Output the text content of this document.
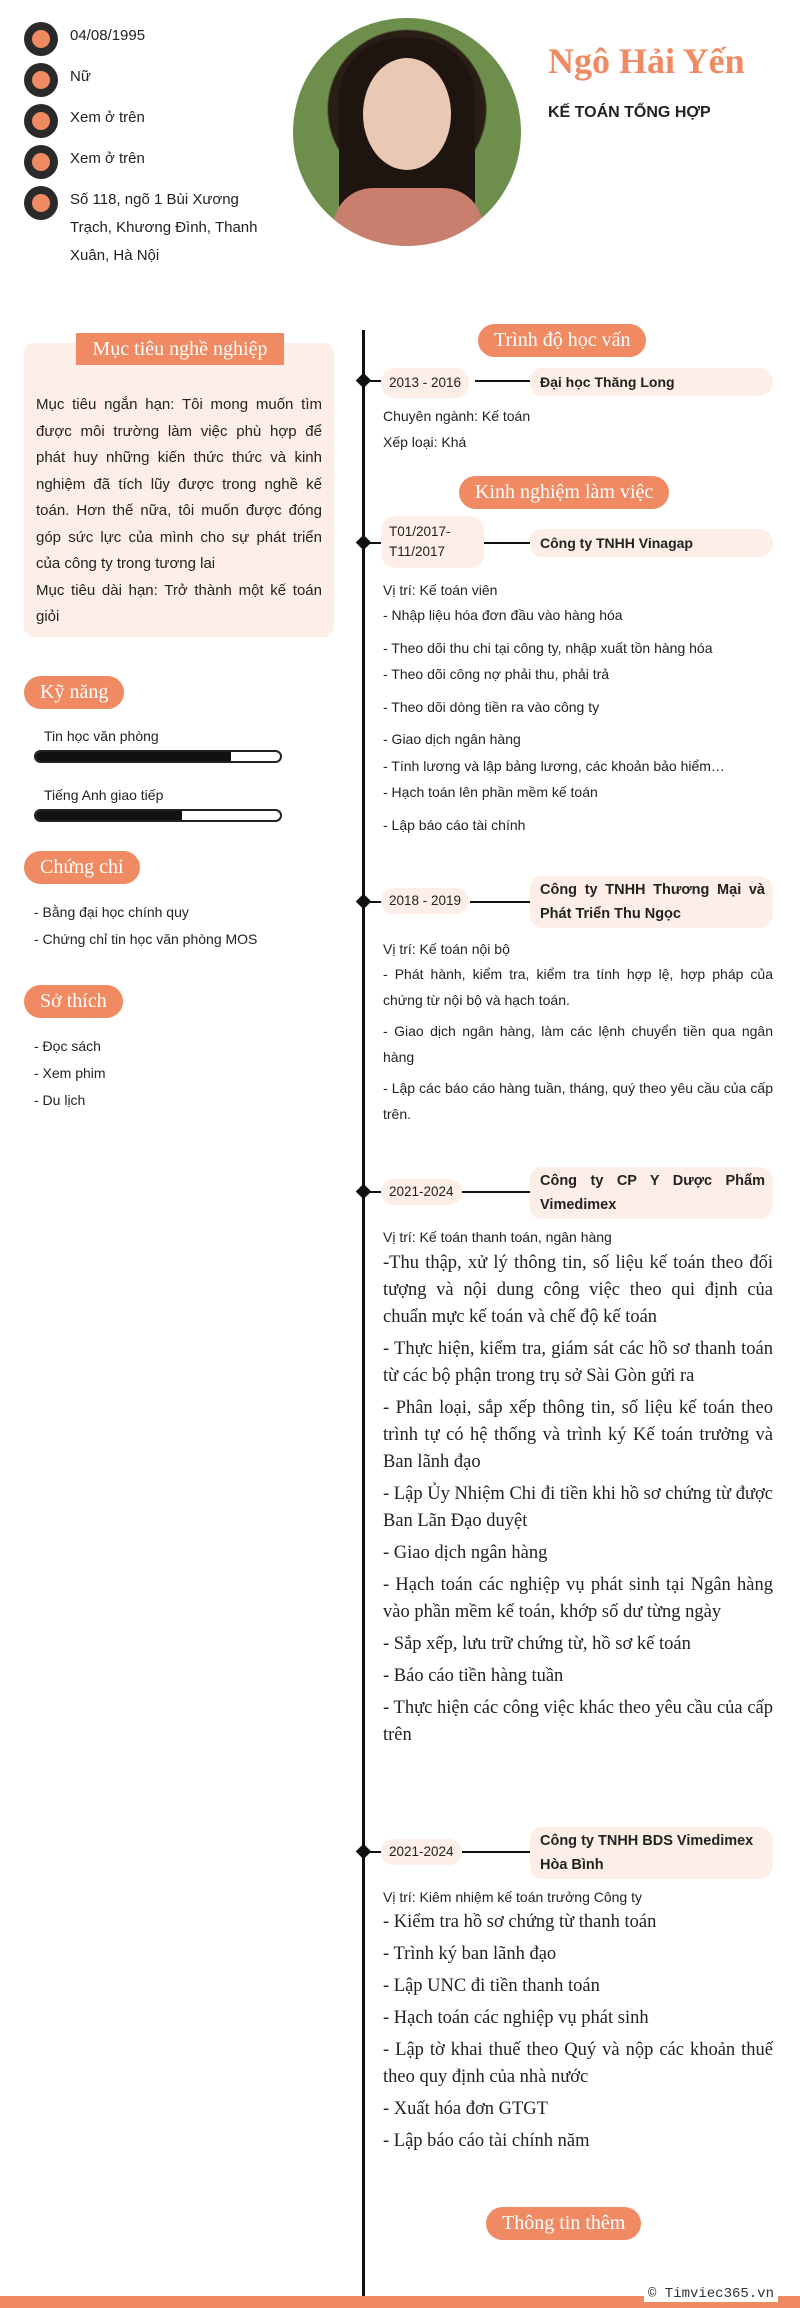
04/08/1995
Nữ
Xem ở trên
Xem ở trên
Số 118, ngõ 1 Bùi Xương Trạch, Khương Đình, Thanh Xuân, Hà Nội
Ngô Hải Yến
KẾ TOÁN TỔNG HỢP
Mục tiêu nghề nghiệp
Mục tiêu ngắn hạn: Tôi mong muốn tìm được môi trường làm việc phù hợp để phát huy những kiến thức thức và kinh nghiệm đã tích lũy được trong nghề kế toán. Hơn thế nữa, tôi muốn được đóng góp sức lực của mình cho sự phát triển của công ty trong tương lai
Mục tiêu dài hạn: Trở thành một kế toán giỏi
Kỹ năng
Tin học văn phòng
Tiếng Anh giao tiếp
Chứng chỉ
- Bằng đại học chính quy
- Chứng chỉ tin học văn phòng MOS
Sở thích
- Đọc sách
- Xem phim
- Du lịch
Trình độ học vấn
2013 - 2016	Đại học Thăng Long
Chuyên ngành: Kế toán
Xếp loại: Khá
Kinh nghiệm làm việc
T01/2017- T11/2017
Công ty TNHH Vinagap
Vị trí: Kế toán viên
- Nhập liệu hóa đơn đầu vào hàng hóa
- Theo dõi thu chi tại công ty, nhập xuất tồn hàng hóa
- Theo dõi công nợ phải thu, phải trả
- Theo dõi dòng tiền ra vào công ty
- Giao dịch ngân hàng
- Tính lương và lập bảng lương, các khoản bảo hiểm…
- Hạch toán lên phần mềm kế toán
- Lập báo cáo tài chính
2018 - 2019
Công ty TNHH Thương Mại và Phát Triển Thu Ngọc
Vị trí: Kế toán nội bộ
- Phát hành, kiểm tra, kiểm tra tính hợp lệ, hợp pháp của chứng từ nội bộ và hạch toán.
- Giao dịch ngân hàng, làm các lệnh chuyển tiền qua ngân hàng
- Lập các báo cáo hàng tuần, tháng, quý theo yêu cầu của cấp trên.
2021-2024
Công ty CP Y Dược Phẩm Vimedimex
Vị trí: Kế toán thanh toán, ngân hàng
-Thu thập, xử lý thông tin, số liệu kế toán theo đối tượng và nội dung công việc theo qui định của chuẩn mực kế toán và chế độ kế toán
- Thực hiện, kiểm tra, giám sát các hồ sơ thanh toán từ các bộ phận trong trụ sở Sài Gòn gửi ra
- Phân loại, sắp xếp thông tin, số liệu kế toán theo trình tự có hệ thống và trình ký Kế toán trưởng và Ban lãnh đạo
- Lập Ủy Nhiệm Chi đi tiền khi hồ sơ chứng từ được Ban Lãn Đạo duyệt
- Giao dịch ngân hàng
- Hạch toán các nghiệp vụ phát sinh tại Ngân hàng vào phần mềm kế toán, khớp số dư từng ngày
- Sắp xếp, lưu trữ chứng từ, hồ sơ kế toán
- Báo cáo tiền hàng tuần
- Thực hiện các công việc khác theo yêu cầu của cấp trên
2021-2024
Công ty TNHH BDS Vimedimex Hòa Bình
Vị trí: Kiêm nhiệm kế toán trưởng Công ty
- Kiểm tra hồ sơ chứng từ thanh toán
- Trình ký ban lãnh đạo
- Lập UNC đi tiền thanh toán
- Hạch toán các nghiệp vụ phát sinh
- Lập tờ khai thuế theo Quý và nộp các khoản thuế theo quy định của nhà nước
- Xuất hóa đơn GTGT
- Lập báo cáo tài chính năm
Thông tin thêm
© Timviec365.vn
